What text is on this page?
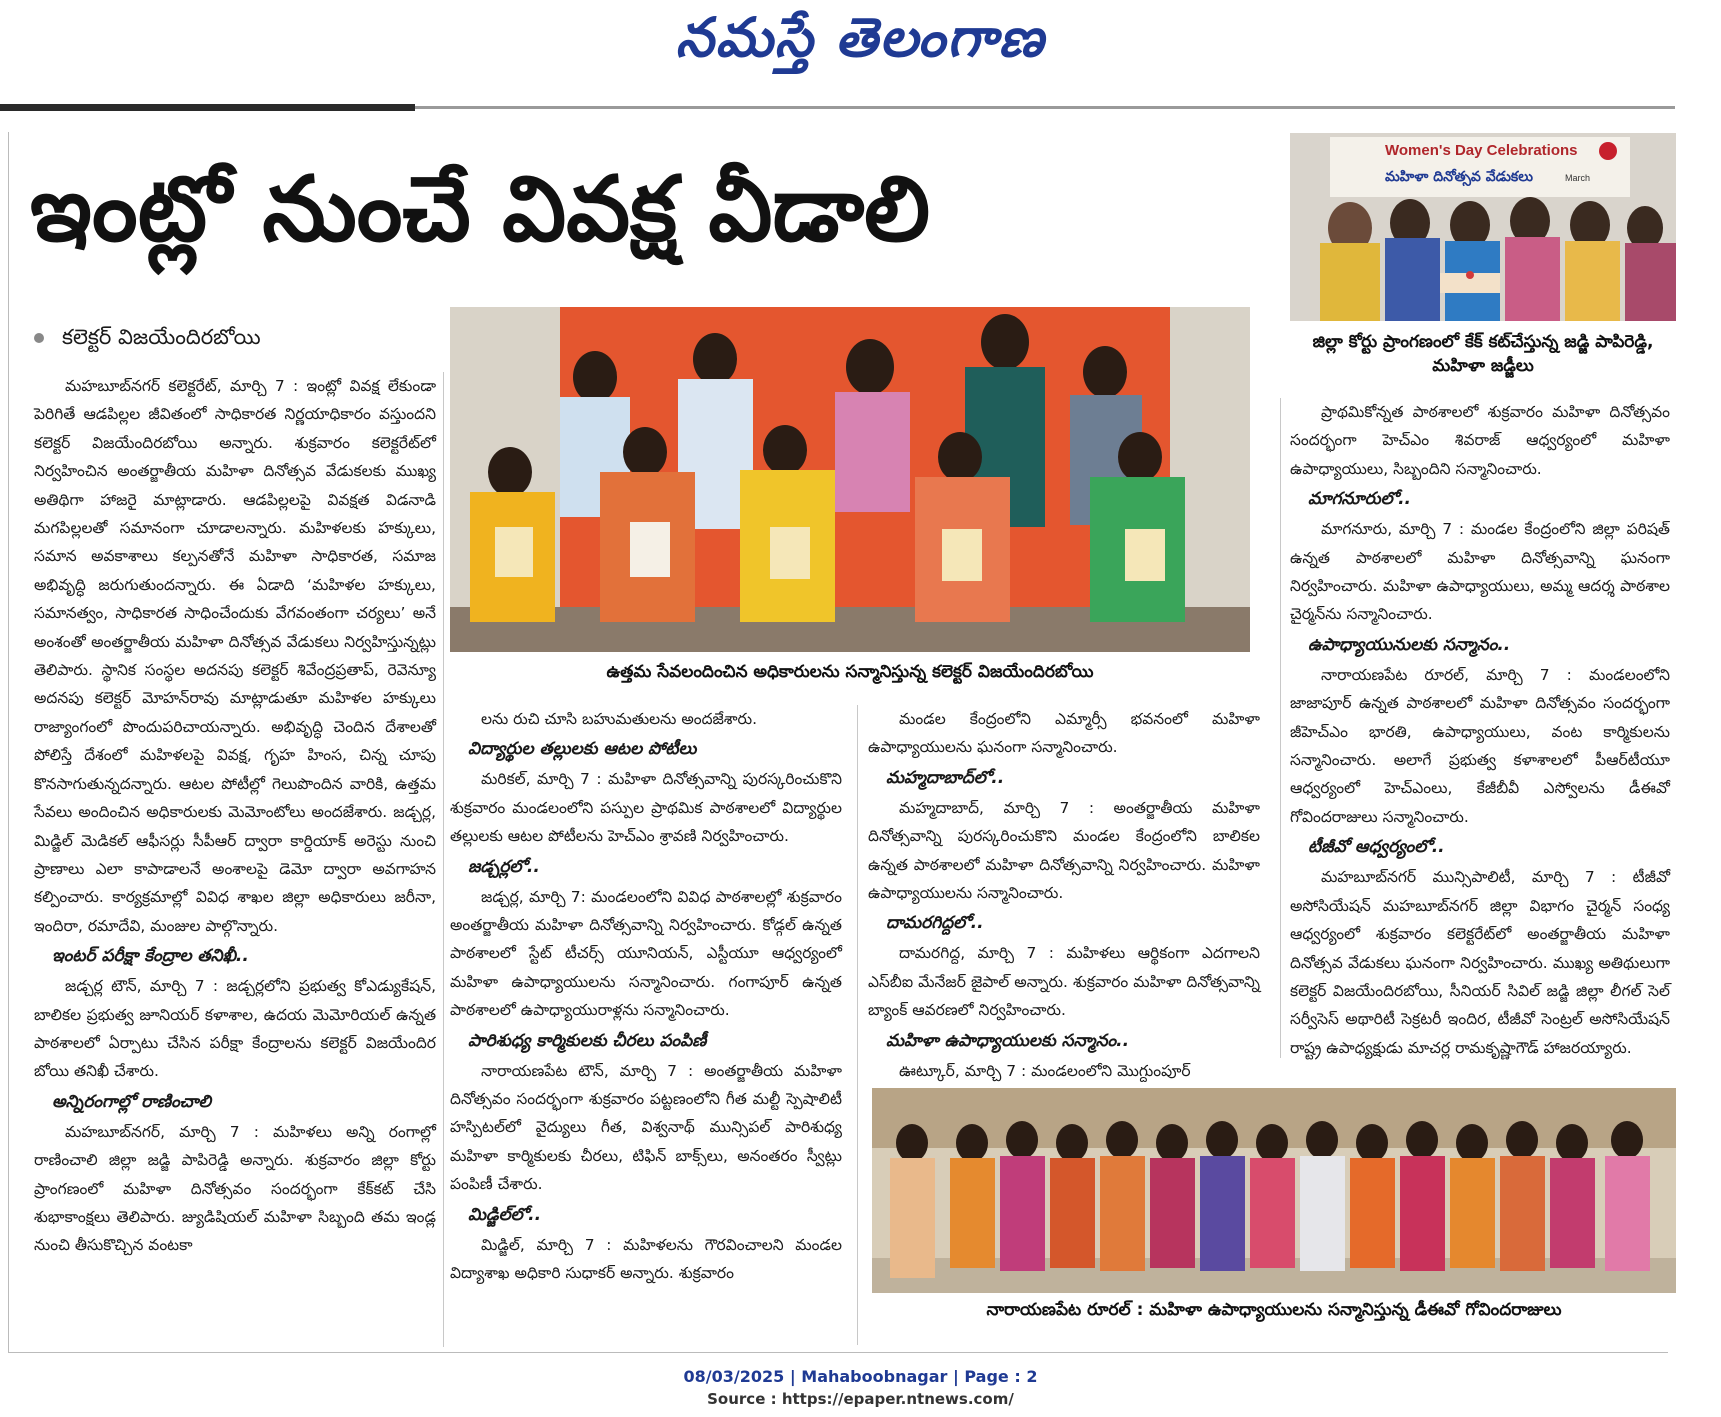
నమస్తే తెలంగాణ
ఇంట్లో నుంచే వివక్ష వీడాలి
కలెక్టర్ విజయేందిరబోయి
Women's Day Celebrations
మహిళా దినోత్సవ వేడుకలు	March
జిల్లా కోర్టు ప్రాంగణంలో కేక్ కట్‌చేస్తున్న జడ్జి పాపిరెడ్డి, మహిళా జడ్జీలు
ఉత్తమ సేవలందించిన అధికారులను సన్మానిస్తున్న కలెక్టర్ విజయేందిరబోయి

మహబూబ్‌నగర్ కలెక్టరేట్, మార్చి 7 : ఇంట్లో వివక్ష లేకుండా పెరిగితే ఆడపిల్లల జీవితంలో సాధికారత నిర్ణయాధికారం వస్తుందని కలెక్టర్ విజయేందిరబోయి అన్నారు. శుక్రవారం కలెక్టరేట్‌లో నిర్వహించిన అంతర్జాతీయ మహిళా దినోత్సవ వేడుకలకు ముఖ్య అతిథిగా హాజరై మాట్లాడారు. ఆడపిల్లలపై వివక్షత విడనాడి మగపిల్లలతో సమానంగా చూడాలన్నారు. మహిళలకు హక్కులు, సమాన అవకాశాలు కల్పనతోనే మహిళా సాధికారత, సమాజ అభివృద్ధి జరుగుతుందన్నారు. ఈ ఏడాది ‘మహిళల హక్కులు, సమానత్వం, సాధికారత సాధించేందుకు వేగవంతంగా చర్యలు’ అనే అంశంతో అంతర్జాతీయ మహిళా దినోత్సవ వేడుకలు నిర్వహిస్తున్నట్లు తెలిపారు. స్థానిక సంస్థల అదనపు కలెక్టర్ శివేంద్రప్రతాప్, రెవెన్యూ అదనపు కలెక్టర్ మోహన్‌రావు మాట్లాడుతూ మహిళల హక్కులు రాజ్యాంగంలో పొందుపరిచాయన్నారు. అభివృద్ధి చెందిన దేశాలతో పోలిస్తే దేశంలో మహిళలపై వివక్ష, గృహ హింస, చిన్న చూపు కొనసాగుతున్నదన్నారు. ఆటల పోటీల్లో గెలుపొందిన వారికి, ఉత్తమ సేవలు అందించిన అధికారులకు మెమోంటోలు అందజేశారు. జడ్చర్ల, మిడ్జిల్ మెడికల్ ఆఫీసర్లు సీపీఆర్ ద్వారా కార్డియాక్ అరెస్టు నుంచి ప్రాణాలు ఎలా కాపాడాలనే అంశాలపై డెమో ద్వారా అవగాహన కల్పించారు. కార్యక్రమాల్లో వివిధ శాఖల జిల్లా అధికారులు జరీనా, ఇందిరా, రమాదేవి, మంజుల పాల్గొన్నారు.

ఇంటర్ పరీక్షా కేంద్రాల తనిఖీ..

జడ్చర్ల టౌన్, మార్చి 7 : జడ్చర్లలోని ప్రభుత్వ కోఎడ్యుకేషన్, బాలికల ప్రభుత్వ జూనియర్ కళాశాల, ఉదయ మెమోరియల్ ఉన్నత పాఠశాలలో ఏర్పాటు చేసిన పరీక్షా కేంద్రాలను కలెక్టర్ విజయేందిర బోయి తనిఖీ చేశారు.

అన్నిరంగాల్లో రాణించాలి

మహబూబ్‌నగర్, మార్చి 7 : మహిళలు అన్ని రంగాల్లో రాణించాలి జిల్లా జడ్జి పాపిరెడ్డి అన్నారు. శుక్రవారం జిల్లా కోర్టు ప్రాంగణంలో మహిళా దినోత్సవం సందర్భంగా కేక్‌కట్ చేసి శుభాకాంక్షలు తెలిపారు. జ్యుడిషియల్ మహిళా సిబ్బంది తమ ఇండ్ల నుంచి తీసుకొచ్చిన వంటకా

లను రుచి చూసి బహుమతులను అందజేశారు.

విద్యార్థుల తల్లులకు ఆటల పోటీలు

మరికల్, మార్చి 7 : మహిళా దినోత్సవాన్ని పురస్కరించుకొని శుక్రవారం మండలంలోని పస్పుల ప్రాథమిక పాఠశాలలో విద్యార్థుల తల్లులకు ఆటల పోటీలను హెచ్‌ఎం శ్రావణి నిర్వహించారు.

జడ్చర్లలో..

జడ్చర్ల, మార్చి 7: మండలంలోని వివిధ పాఠశాలల్లో శుక్రవారం అంతర్జాతీయ మహిళా దినోత్సవాన్ని నిర్వహించారు. కోడ్గల్ ఉన్నత పాఠశాలలో స్టేట్ టీచర్స్ యూనియన్, ఎస్టీయూ ఆధ్వర్యంలో మహిళా ఉపాధ్యాయులను సన్మానించారు. గంగాపూర్ ఉన్నత పాఠశాలలో ఉపాధ్యాయురాళ్లను సన్మానించారు.

పారిశుధ్య కార్మికులకు చీరలు పంపిణీ

నారాయణపేట టౌన్, మార్చి 7 : అంతర్జాతీయ మహిళా దినోత్సవం సందర్భంగా శుక్రవారం పట్టణంలోని గీత మల్టీ స్పెషాలిటీ హస్పిటల్‌లో వైద్యులు గీత, విశ్వనాథ్ మున్సిపల్ పారిశుధ్య మహిళా కార్మికులకు చీరలు, టిఫిన్ బాక్స్‌లు, అనంతరం స్వీట్లు పంపిణీ చేశారు.

మిడ్జిల్‌లో..

మిడ్జిల్, మార్చి 7 : మహిళలను గౌరవించాలని మండల విద్యాశాఖ అధికారి సుధాకర్ అన్నారు. శుక్రవారం

మండల కేంద్రంలోని ఎమ్మార్సీ భవనంలో మహిళా ఉపాధ్యాయులను ఘనంగా సన్మానించారు.

మహ్మదాబాద్‌లో..

మహ్మదాబాద్, మార్చి 7 : అంతర్జాతీయ మహిళా దినోత్సవాన్ని పురస్కరించుకొని మండల కేంద్రంలోని బాలికల ఉన్నత పాఠశాలలో మహిళా దినోత్సవాన్ని నిర్వహించారు. మహిళా ఉపాధ్యాయులను సన్మానించారు.

దామరగిద్దలో..

దామరగిద్ద, మార్చి 7 : మహిళలు ఆర్థికంగా ఎదగాలని ఎస్‌బీఐ మేనేజర్ జైపాల్ అన్నారు. శుక్రవారం మహిళా దినోత్సవాన్ని బ్యాంక్ ఆవరణలో నిర్వహించారు.

మహిళా ఉపాధ్యాయులకు సన్మానం..

ఊట్కూర్, మార్చి 7 : మండలంలోని మొగ్దుంపూర్

ప్రాథమికోన్నత పాఠశాలలో శుక్రవారం మహిళా దినోత్సవం సందర్భంగా హెచ్‌ఎం శివరాజ్ ఆధ్వర్యంలో మహిళా ఉపాధ్యాయులు, సిబ్బందిని సన్మానించారు.

మాగనూరులో..

మాగనూరు, మార్చి 7 : మండల కేంద్రంలోని జిల్లా పరిషత్ ఉన్నత పాఠశాలలో మహిళా దినోత్సవాన్ని ఘనంగా నిర్వహించారు. మహిళా ఉపాధ్యాయులు, అమ్మ ఆదర్శ పాఠశాల చైర్మన్‌ను సన్మానించారు.

ఉపాధ్యాయునులకు సన్మానం..

నారాయణపేట రూరల్, మార్చి 7 : మండలంలోని జాజాపూర్ ఉన్నత పాఠశాలలో మహిళా దినోత్సవం సందర్భంగా జీహెచ్‌ఎం భారతి, ఉపాధ్యాయులు, వంట కార్మికులను సన్మానించారు. అలాగే ప్రభుత్వ కళాశాలలో పీఆర్‌టీయూ ఆధ్వర్యంలో హెచ్‌ఎంలు, కేజీబీవీ ఎస్వోలను డీఈవో గోవిందరాజులు సన్మానించారు.

టీజీవో ఆధ్వర్యంలో..

మహబూబ్‌నగర్ మున్సిపాలిటీ, మార్చి 7 : టీజీవో అసోసియేషన్ మహబూబ్‌నగర్ జిల్లా విభాగం చైర్మన్ సంధ్య ఆధ్వర్యంలో శుక్రవారం కలెక్టరేట్‌లో అంతర్జాతీయ మహిళా దినోత్సవ వేడుకలు ఘనంగా నిర్వహించారు. ముఖ్య అతిథులుగా కలెక్టర్ విజయేందిరబోయి, సీనియర్ సివిల్ జడ్జి జిల్లా లీగల్ సెల్ సర్వీసెస్ అథారిటీ సెక్రటరీ ఇందిర, టీజీవో సెంట్రల్ అసోసియేషన్ రాష్ట్ర ఉపాధ్యక్షుడు మాచర్ల రామకృష్ణాగౌడ్ హాజరయ్యారు.

నారాయణపేట రూరల్ : మహిళా ఉపాధ్యాయులను సన్మానిస్తున్న డీఈవో గోవిందరాజులు
08/03/2025 | Mahaboobnagar | Page : 2
Source : https://epaper.ntnews.com/
